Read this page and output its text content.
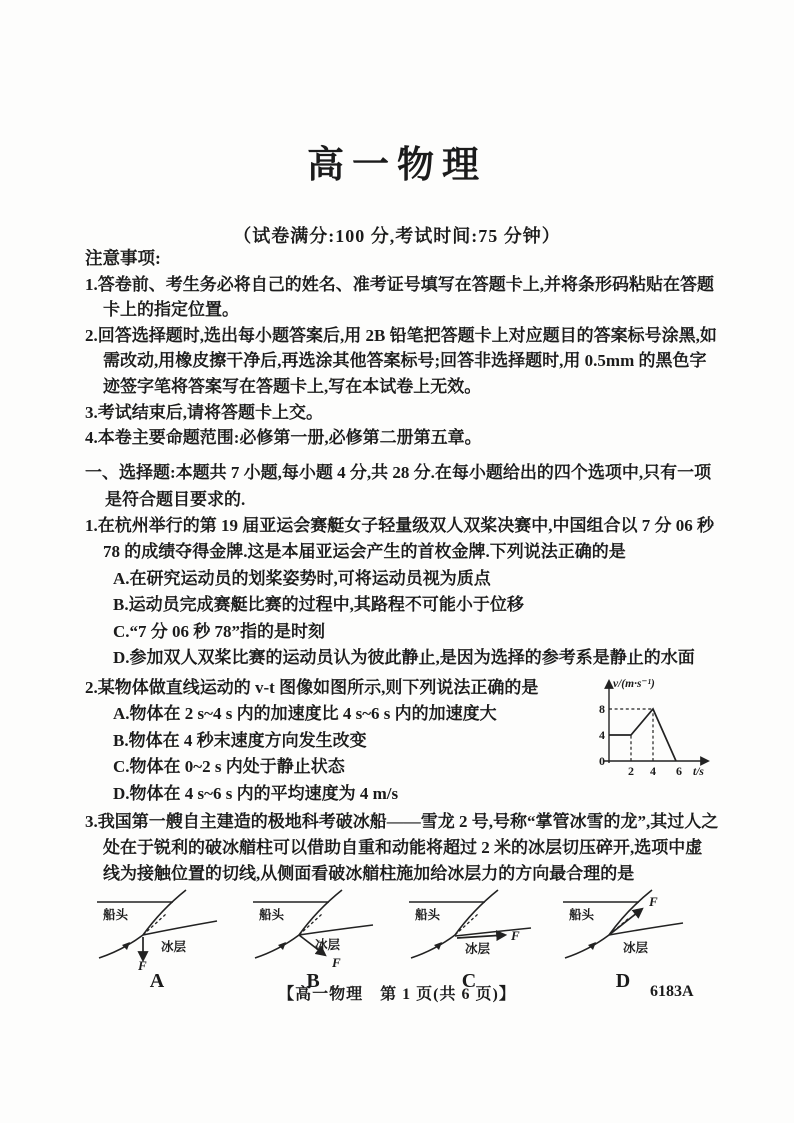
高一物理
（试卷满分:100 分,考试时间:75 分钟）
注意事项:
1.答卷前、考生务必将自己的姓名、准考证号填写在答题卡上,并将条形码粘贴在答题卡上的指定位置。
2.回答选择题时,选出每小题答案后,用 2B 铅笔把答题卡上对应题目的答案标号涂黑,如需改动,用橡皮擦干净后,再选涂其他答案标号;回答非选择题时,用 0.5mm 的黑色字迹签字笔将答案写在答题卡上,写在本试卷上无效。
3.考试结束后,请将答题卡上交。
4.本卷主要命题范围:必修第一册,必修第二册第五章。
一、选择题:本题共 7 小题,每小题 4 分,共 28 分.在每小题给出的四个选项中,只有一项是符合题目要求的.
1.在杭州举行的第 19 届亚运会赛艇女子轻量级双人双桨决赛中,中国组合以 7 分 06 秒 78 的成绩夺得金牌.这是本届亚运会产生的首枚金牌.下列说法正确的是
A.在研究运动员的划桨姿势时,可将运动员视为质点
B.运动员完成赛艇比赛的过程中,其路程不可能小于位移
C.“7 分 06 秒 78”指的是时刻
D.参加双人双桨比赛的运动员认为彼此静止,是因为选择的参考系是静止的水面
2.某物体做直线运动的 v-t 图像如图所示,则下列说法正确的是
A.物体在 2 s~4 s 内的加速度比 4 s~6 s 内的加速度大
B.物体在 4 秒末速度方向发生改变
C.物体在 0~2 s 内处于静止状态
D.物体在 4 s~6 s 内的平均速度为 4 m/s
v/(m·s⁻¹)
8
4
0
2 4 6 t/s
3.我国第一艘自主建造的极地科考破冰船——雪龙 2 号,号称“掌管冰雪的龙”,其过人之处在于锐利的破冰艏柱可以借助自重和动能将超过 2 米的冰层切压碎开,选项中虚线为接触位置的切线,从侧面看破冰艏柱施加给冰层力的方向最合理的是
船头
冰层
F
A
船头
冰层
F
B
船头
冰层
F
C
船头
冰层
F
D
【高一物理　第 1 页(共 6 页)】	6183A
